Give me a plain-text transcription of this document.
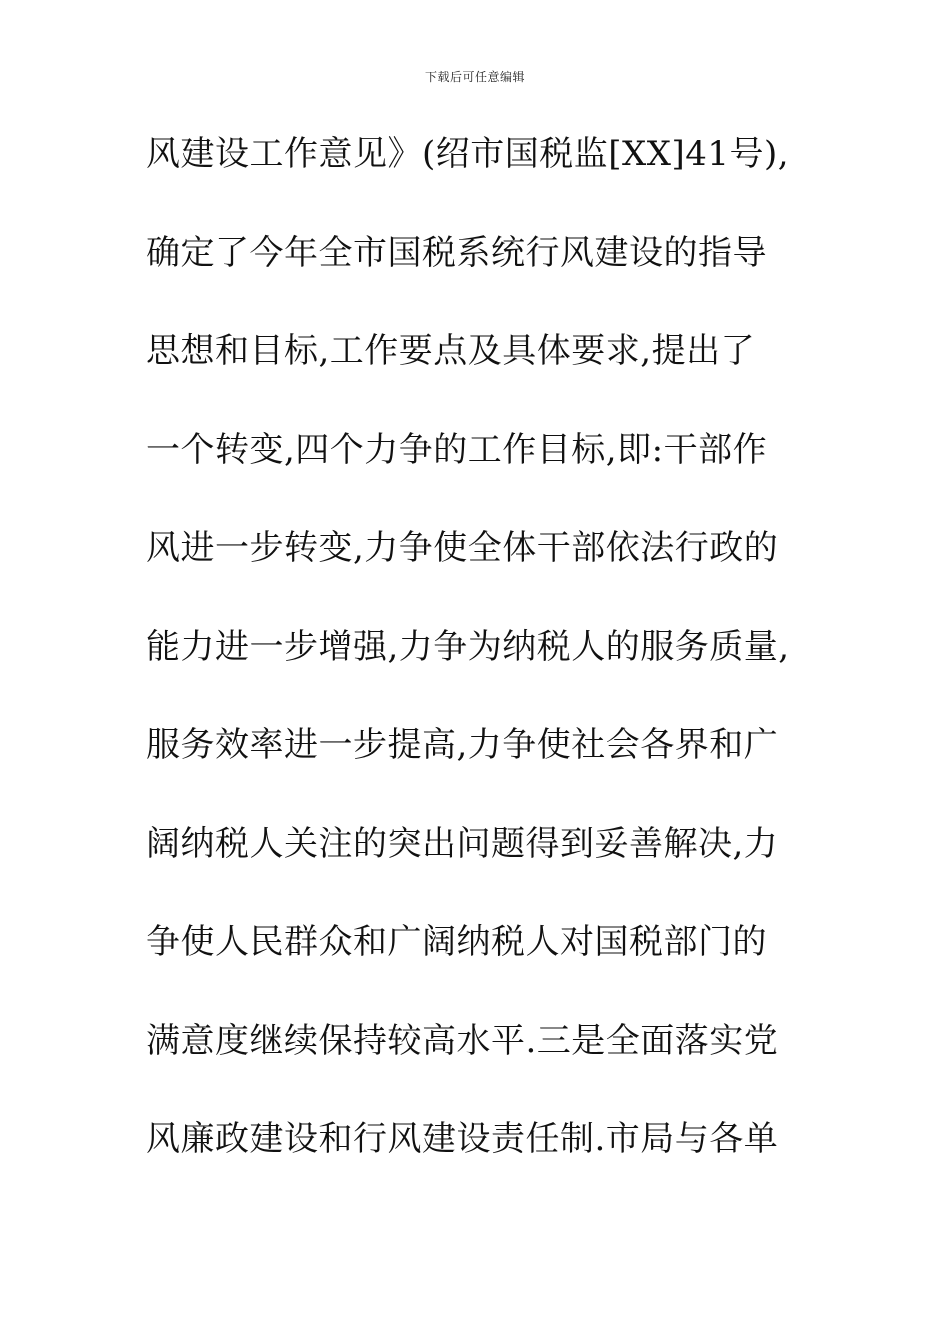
下载后可任意编辑
风建设工作意见》(绍市国税监[XX]41号),
确定了今年全市国税系统行风建设的指导
思想和目标,工作要点及具体要求,提出了
一个转变,四个力争的工作目标,即:干部作
风进一步转变,力争使全体干部依法行政的
能力进一步增强,力争为纳税人的服务质量,
服务效率进一步提高,力争使社会各界和广
阔纳税人关注的突出问题得到妥善解决,力
争使人民群众和广阔纳税人对国税部门的
满意度继续保持较高水平.三是全面落实党
风廉政建设和行风建设责任制.市局与各单
